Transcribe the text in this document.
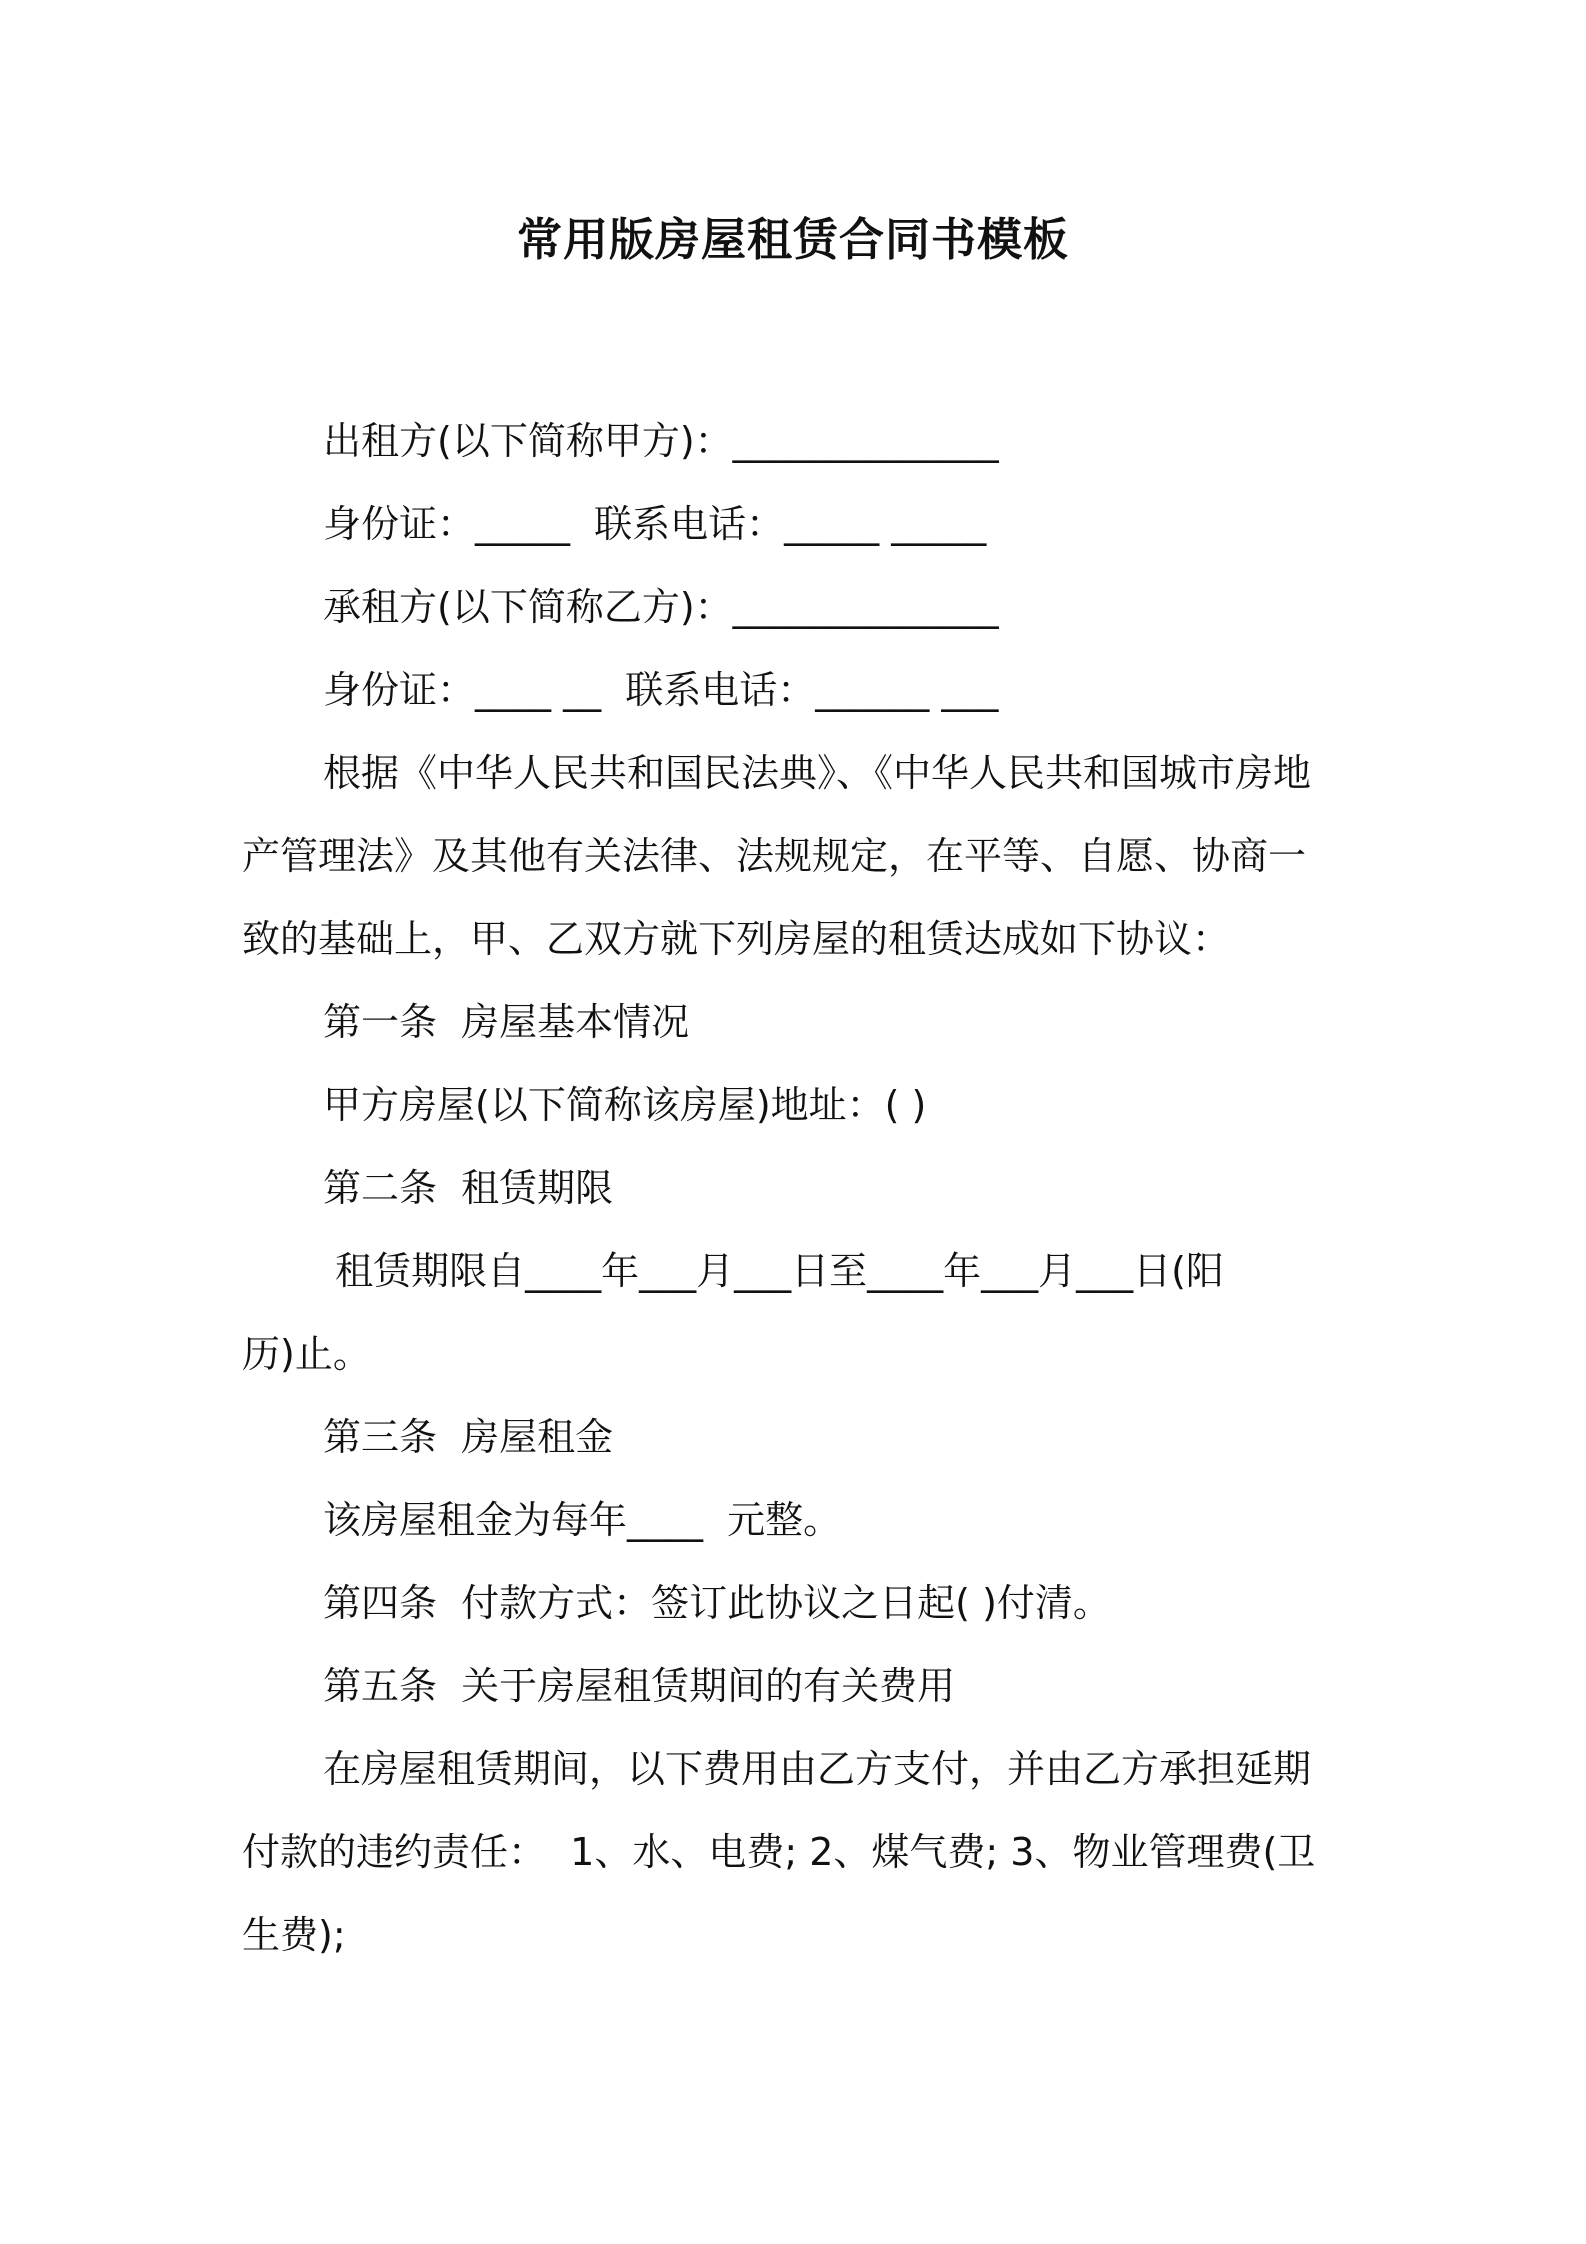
常用版房屋租赁合同书模板
出租方(以下简称甲方)：______________
身份证：_____  联系电话：_____ _____
承租方(以下简称乙方)：______________
身份证：____ __  联系电话：______ ___
根据《中华人民共和国民法典》、《中华人民共和国城市房地
产管理法》及其他有关法律、法规规定，在平等、自愿、协商一
致的基础上，甲、乙双方就下列房屋的租赁达成如下协议：
第一条  房屋基本情况
甲方房屋(以下简称该房屋)地址：( )
第二条  租赁期限
租赁期限自____年___月___日至____年___月___日(阳
历)止。
第三条  房屋租金
该房屋租金为每年____  元整。
第四条  付款方式：签订此协议之日起( )付清。
第五条  关于房屋租赁期间的有关费用
在房屋租赁期间，以下费用由乙方支付，并由乙方承担延期
付款的违约责任：  1、水、电费; 2、煤气费; 3、物业管理费(卫
生费);
